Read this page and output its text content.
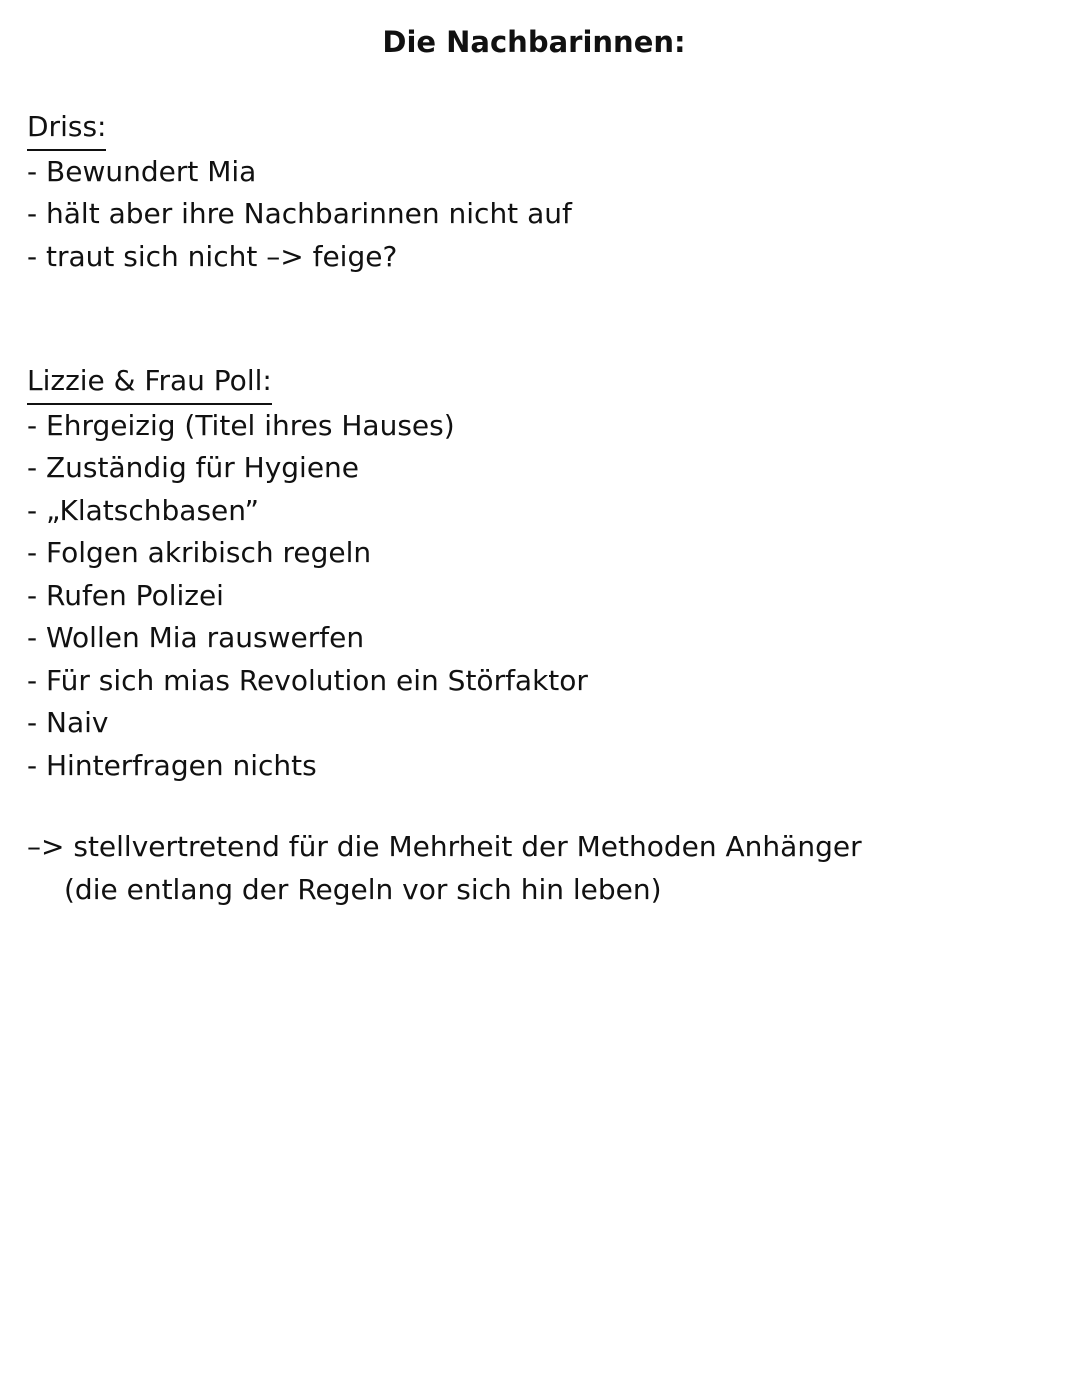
Die Nachbarinnen:
Driss:
- Bewundert Mia
- hält aber ihre Nachbarinnen nicht auf
- traut sich nicht –> feige?
Lizzie & Frau Poll:
- Ehrgeizig (Titel ihres Hauses)
- Zuständig für Hygiene
- „Klatschbasen”
- Folgen akribisch regeln
- Rufen Polizei
- Wollen Mia rauswerfen
- Für sich mias Revolution ein Störfaktor
- Naiv
- Hinterfragen nichts
–> stellvertretend für die Mehrheit der Methoden Anhänger
(die entlang der Regeln vor sich hin leben)
